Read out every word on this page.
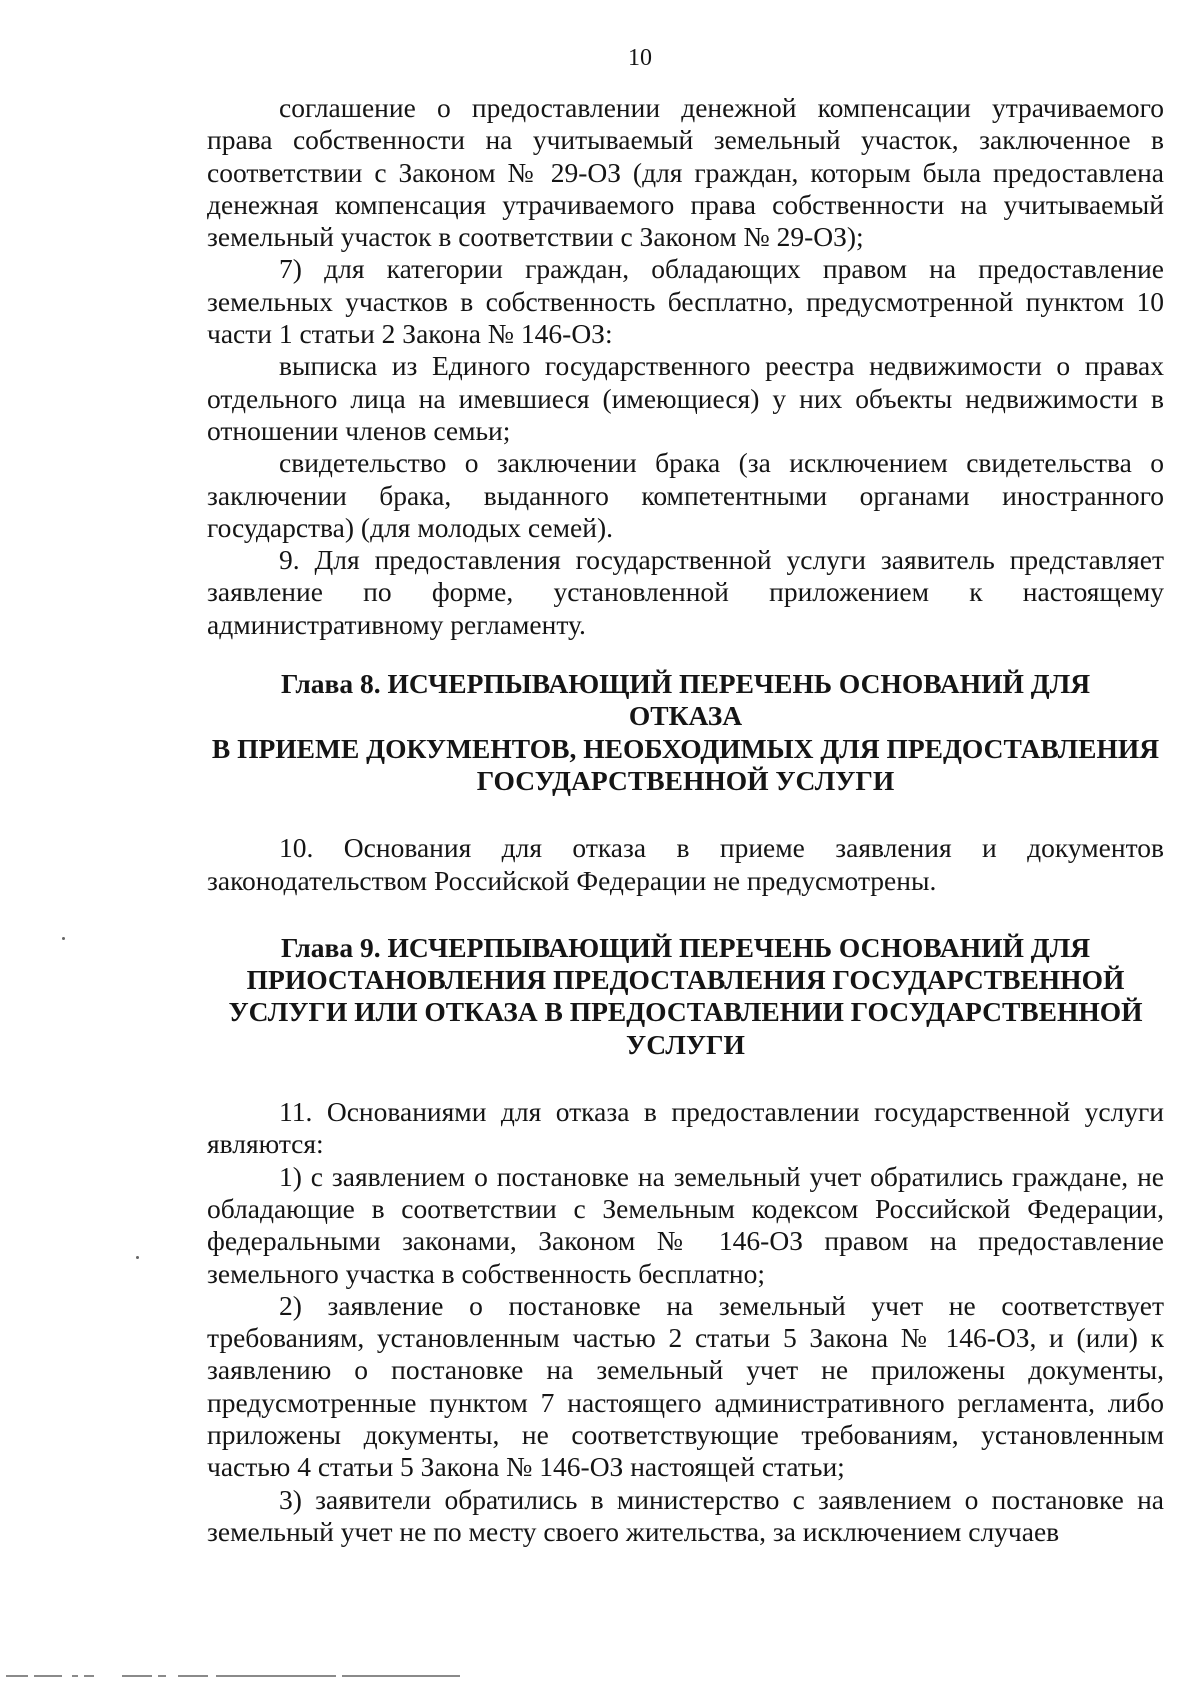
10

соглашение о предоставлении денежной компенсации утрачиваемого права собственности на учитываемый земельный участок, заключенное в соответствии с Законом № 29-ОЗ (для граждан, которым была предоставлена денежная компенсация утрачиваемого права собственности на учитываемый земельный участок в соответствии с Законом № 29-ОЗ);

7) для категории граждан, обладающих правом на предоставление земельных участков в собственность бесплатно, предусмотренной пунктом 10 части 1 статьи 2 Закона № 146-ОЗ:

выписка из Единого государственного реестра недвижимости о правах отдельного лица на имевшиеся (имеющиеся) у них объекты недвижимости в отношении членов семьи;

свидетельство о заключении брака (за исключением свидетельства о заключении брака, выданного компетентными органами иностранного государства) (для молодых семей).

9. Для предоставления государственной услуги заявитель представляет заявление по форме, установленной приложением к настоящему административному регламенту.

Глава 8. ИСЧЕРПЫВАЮЩИЙ ПЕРЕЧЕНЬ ОСНОВАНИЙ ДЛЯ
ОТКАЗА
В ПРИЕМЕ ДОКУМЕНТОВ, НЕОБХОДИМЫХ ДЛЯ ПРЕДОСТАВЛЕНИЯ
ГОСУДАРСТВЕННОЙ УСЛУГИ

10. Основания для отказа в приеме заявления и документов законодательством Российской Федерации не предусмотрены.

Глава 9. ИСЧЕРПЫВАЮЩИЙ ПЕРЕЧЕНЬ ОСНОВАНИЙ ДЛЯ
ПРИОСТАНОВЛЕНИЯ ПРЕДОСТАВЛЕНИЯ ГОСУДАРСТВЕННОЙ
УСЛУГИ ИЛИ ОТКАЗА В ПРЕДОСТАВЛЕНИИ ГОСУДАРСТВЕННОЙ
УСЛУГИ

11. Основаниями для отказа в предоставлении государственной услуги являются:

1) с заявлением о постановке на земельный учет обратились граждане, не обладающие в соответствии с Земельным кодексом Российской Федерации, федеральными законами, Законом № 146-ОЗ правом на предоставление земельного участка в собственность бесплатно;

2) заявление о постановке на земельный учет не соответствует требованиям, установленным частью 2 статьи 5 Закона № 146-ОЗ, и (или) к заявлению о постановке на земельный учет не приложены документы, предусмотренные пунктом 7 настоящего административного регламента, либо приложены документы, не соответствующие требованиям, установленным частью 4 статьи 5 Закона № 146-ОЗ настоящей статьи;

3) заявители обратились в министерство с заявлением о постановке на земельный учет не по месту своего жительства, за исключением случаев
